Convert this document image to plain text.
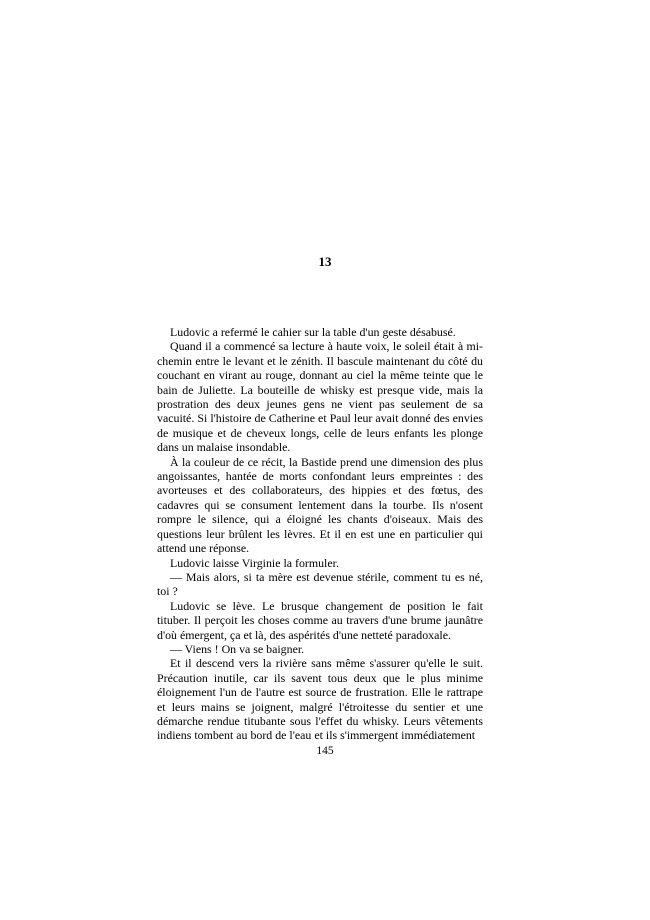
13

Ludovic a refermé le cahier sur la table d'un geste désabusé.

Quand il a commencé sa lecture à haute voix, le soleil était à mi-chemin entre le levant et le zénith. Il bascule maintenant du côté du couchant en virant au rouge, donnant au ciel la même teinte que le bain de Juliette. La bouteille de whisky est presque vide, mais la prostration des deux jeunes gens ne vient pas seulement de sa vacuité. Si l'histoire de Catherine et Paul leur avait donné des envies de musique et de cheveux longs, celle de leurs enfants les plonge dans un malaise insondable.

À la couleur de ce récit, la Bastide prend une dimension des plus angoissantes, hantée de morts confondant leurs empreintes : des avorteuses et des collaborateurs, des hippies et des fœtus, des cadavres qui se consument lentement dans la tourbe. Ils n'osent rompre le silence, qui a éloigné les chants d'oiseaux. Mais des questions leur brûlent les lèvres. Et il en est une en particulier qui attend une réponse.

Ludovic laisse Virginie la formuler.

— Mais alors, si ta mère est devenue stérile, comment tu es né, toi ?

Ludovic se lève. Le brusque changement de position le fait tituber. Il perçoit les choses comme au travers d'une brume jaunâtre d'où émergent, ça et là, des aspérités d'une netteté paradoxale.

— Viens ! On va se baigner.

Et il descend vers la rivière sans même s'assurer qu'elle le suit. Précaution inutile, car ils savent tous deux que le plus minime éloignement l'un de l'autre est source de frustration. Elle le rattrape et leurs mains se joignent, malgré l'étroitesse du sentier et une démarche rendue titubante sous l'effet du whisky. Leurs vêtements indiens tombent au bord de l'eau et ils s'immergent immédiatement

145
